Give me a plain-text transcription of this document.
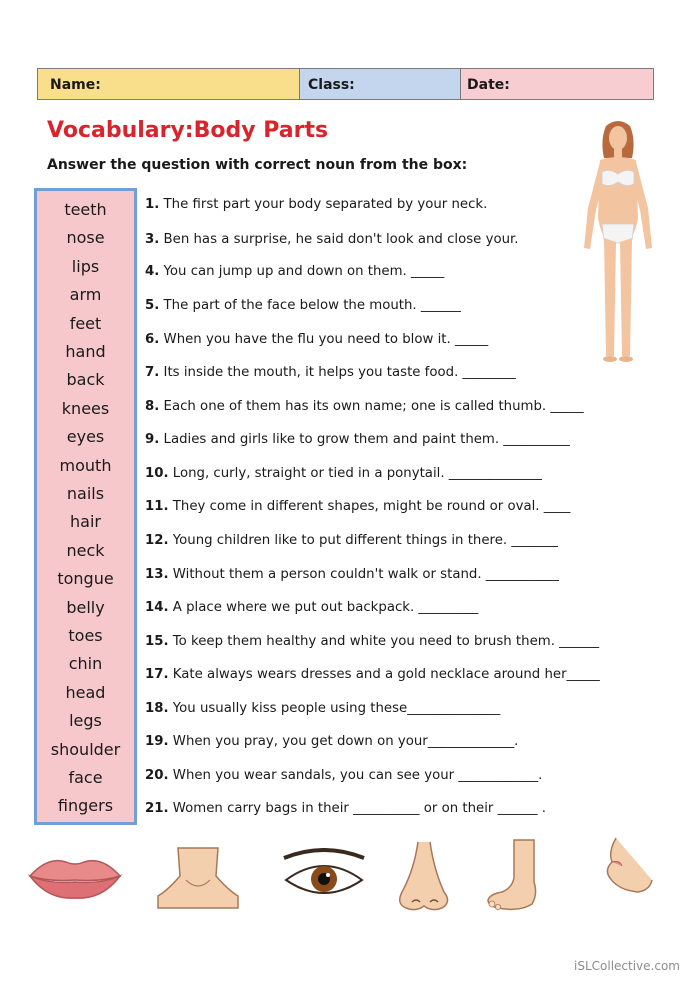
Name:	Class:	Date:
Vocabulary:Body Parts

Answer the question with correct noun from the box:

teeth
nose
lips
arm
feet
hand
back
knees
eyes
mouth
nails
hair
neck
tongue
belly
toes
chin
head
legs
shoulder
face
fingers
1. The first part your body separated by your neck.
3. Ben has a surprise, he said don't look and close your.
4. You can jump up and down on them. _____
5. The part of the face below the mouth. ______
6. When you have the flu you need to blow it. _____
7. Its inside the mouth, it helps you taste food. ________
8. Each one of them has its own name; one is called thumb. _____
9. Ladies and girls like to grow them and paint them. __________
10. Long, curly, straight or tied in a ponytail. ______________
11. They come in different shapes, might be round or oval. ____
12. Young children like to put different things in there. _______
13. Without them a person couldn't walk or stand. ___________
14. A place where we put out backpack. _________
15. To keep them healthy and white you need to brush them. ______
17. Kate always wears dresses and a gold necklace around her_____
18. You usually kiss people using these______________
19. When you pray, you get down on your_____________.
20. When you wear sandals, you can see your ____________.
21. Women carry bags in their __________ or on their ______ .
iSLCollective.com
